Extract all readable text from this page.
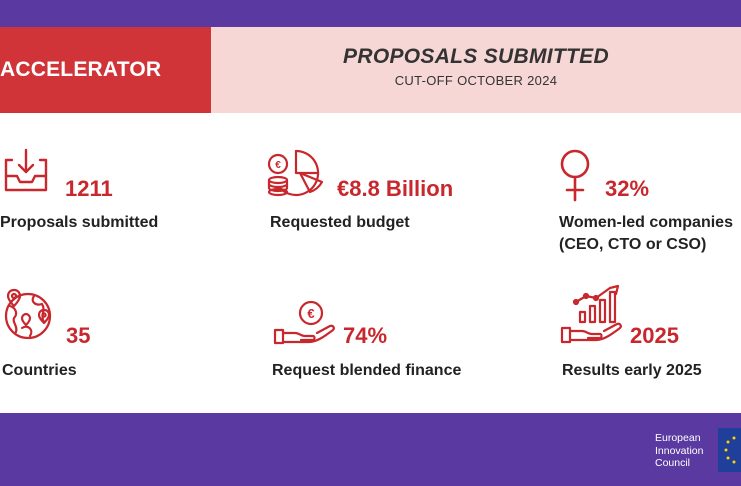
ACCELERATOR
PROPOSALS SUBMITTED
CUT-OFF OCTOBER 2024
1211
Proposals submitted
€
€8.8 Billion
Requested budget
32%
Women-led companies
(CEO, CTO or CSO)
35
Countries
€
74%
Request blended finance
2025
Results early 2025
European
Innovation
Council
